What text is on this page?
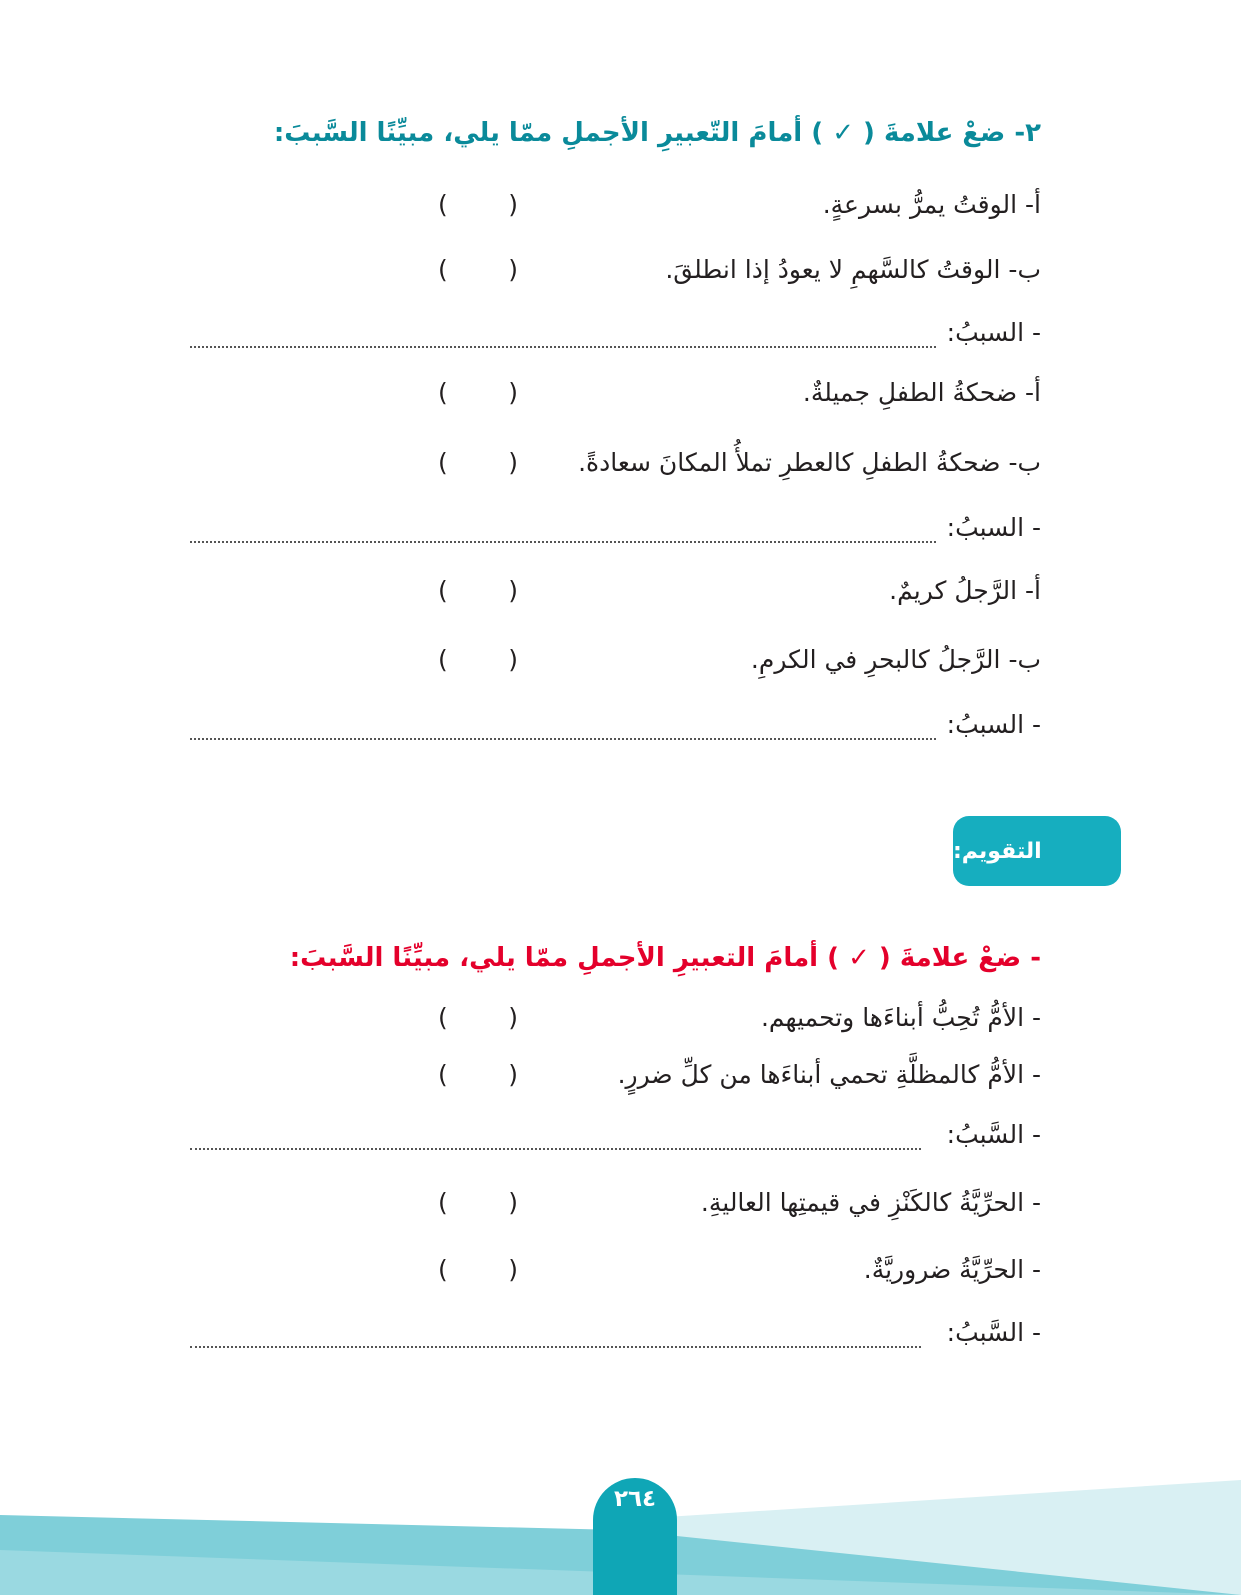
٢- ضعْ علامةَ ( ✓ ) أمامَ التّعبيرِ الأجملِ ممّا يلي، مبيِّنًا السَّببَ:
أ- الوقتُ يمرُّ بسرعةٍ.
(
)
ب- الوقتُ كالسَّهمِ لا يعودُ إذا انطلقَ.
(
)
- السببُ:
أ- ضحكةُ الطفلِ جميلةٌ.
(
)
ب- ضحكةُ الطفلِ كالعطرِ تملأُ المكانَ سعادةً.
(
)
- السببُ:
أ- الرَّجلُ كريمٌ.
(
)
ب- الرَّجلُ كالبحرِ في الكرمِ.
(
)
- السببُ:
التقويم:
- ضعْ علامةَ ( ✓ ) أمامَ التعبيرِ الأجملِ ممّا يلي، مبيِّنًا السَّببَ:
- الأمُّ تُحِبُّ أبناءَها وتحميهم.
(
)
- الأمُّ كالمظلَّةِ تحمي أبناءَها من كلِّ ضررٍ.
(
)
- السَّببُ:
- الحرِّيَّةُ كالكَنْزِ في قيمتِها العاليةِ.
(
)
- الحرِّيَّةُ ضروريَّةٌ.
(
)
- السَّببُ:
٢٦٤
